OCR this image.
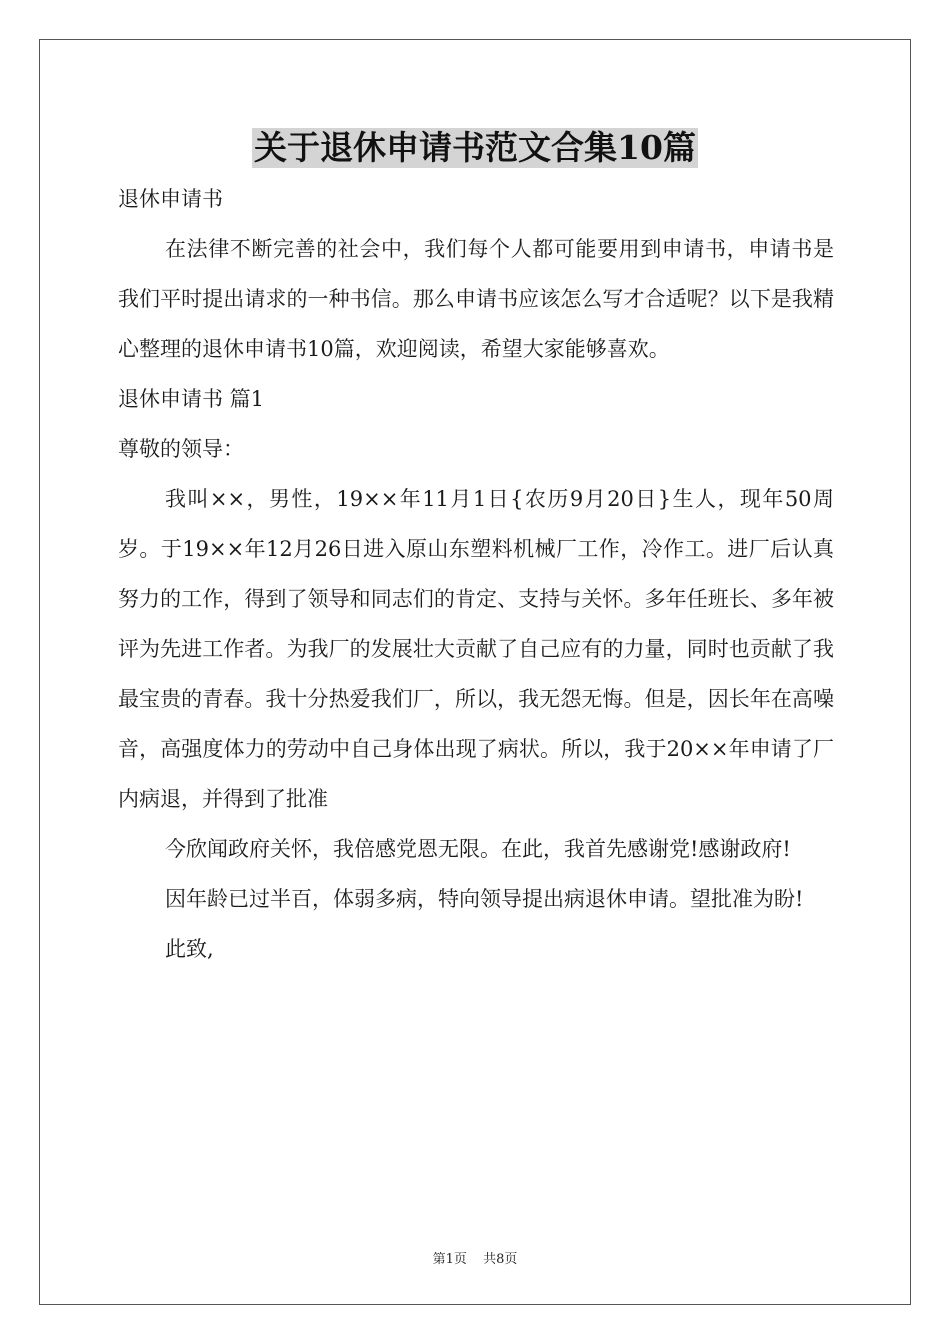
关于退休申请书范文合集10篇

退休申请书

在法律不断完善的社会中，我们每个人都可能要用到申请书，申请书是我们平时提出请求的一种书信。那么申请书应该怎么写才合适呢？以下是我精心整理的退休申请书10篇，欢迎阅读，希望大家能够喜欢。

退休申请书 篇1

尊敬的领导：

我叫××，男性，19××年11月1日{农历9月20日}生人，现年50周岁。于19××年12月26日进入原山东塑料机械厂工作，冷作工。进厂后认真努力的工作，得到了领导和同志们的肯定、支持与关怀。多年任班长、多年被评为先进工作者。为我厂的发展壮大贡献了自己应有的力量，同时也贡献了我最宝贵的青春。我十分热爱我们厂，所以，我无怨无悔。但是，因长年在高噪音，高强度体力的劳动中自己身体出现了病状。所以，我于20××年申请了厂内病退，并得到了批准

今欣闻政府关怀，我倍感党恩无限。在此，我首先感谢党!感谢政府!

因年龄已过半百，体弱多病，特向领导提出病退休申请。望批准为盼!

此致,

第1页 共8页
